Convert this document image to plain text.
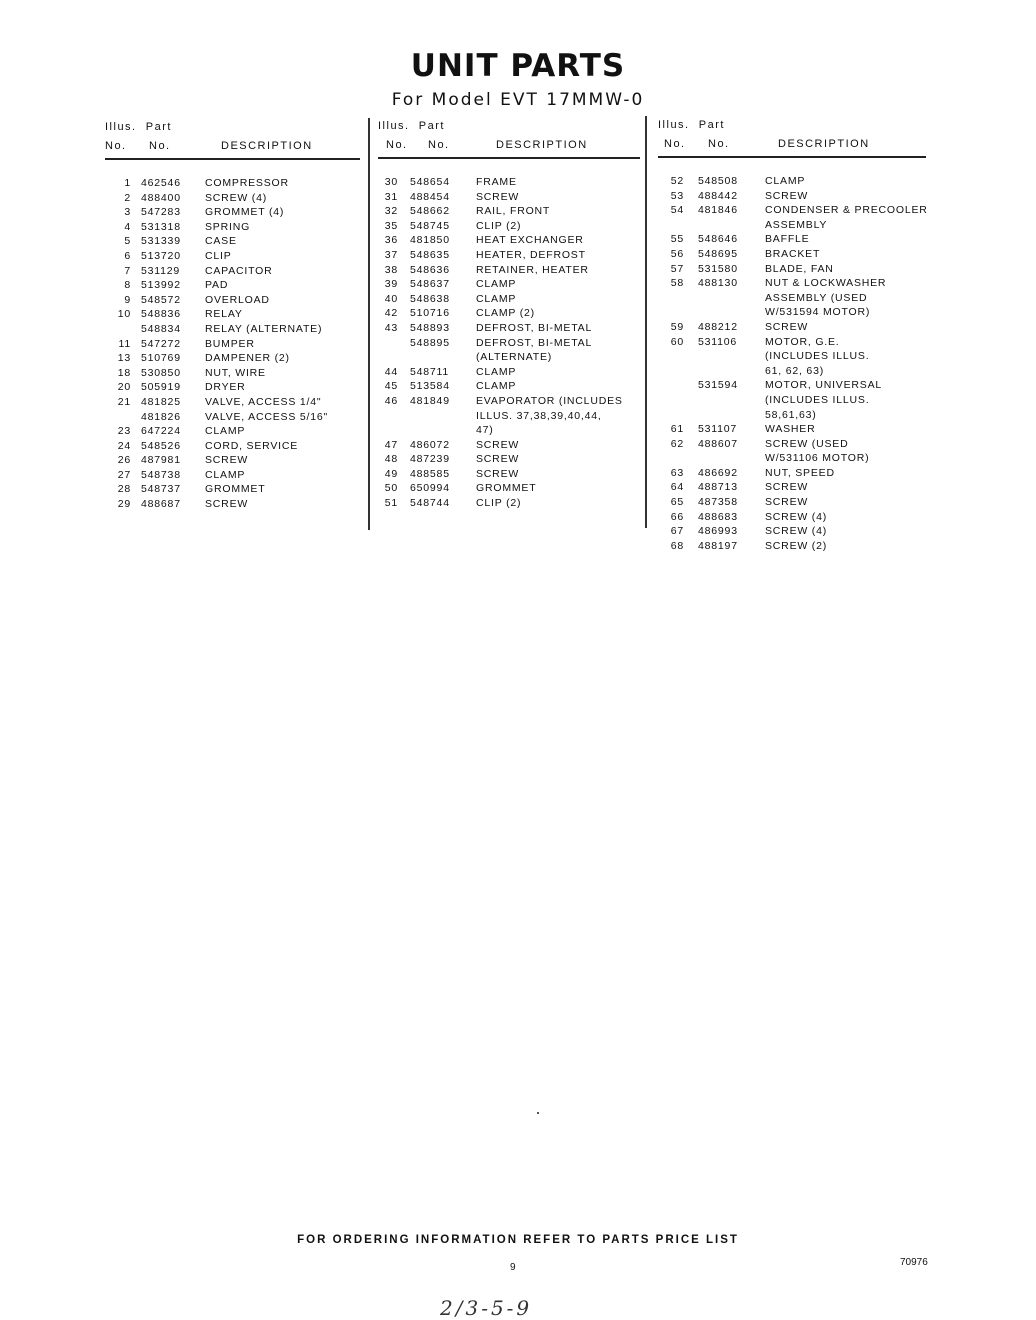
UNIT PARTS
For Model EVT 17MMW-0
Illus. Part
No. No.	DESCRIPTION
1 462546 COMPRESSOR
2 488400 SCREW (4)
3 547283 GROMMET (4)
4 531318 SPRING
5 531339 CASE
6 513720 CLIP
7 531129 CAPACITOR
8 513992 PAD
9 548572 OVERLOAD
10 548836 RELAY
548834 RELAY (ALTERNATE)
11 547272 BUMPER
13 510769 DAMPENER (2)
18 530850 NUT, WIRE
20 505919 DRYER
21 481825 VALVE, ACCESS 1/4"
481826 VALVE, ACCESS 5/16"
23 647224 CLAMP
24 548526 CORD, SERVICE
26 487981 SCREW
27 548738 CLAMP
28 548737 GROMMET
29 488687 SCREW
Illus. Part
No. No.	DESCRIPTION
30 548654 FRAME
31 488454 SCREW
32 548662 RAIL, FRONT
35 548745 CLIP (2)
36 481850 HEAT EXCHANGER
37 548635 HEATER, DEFROST
38 548636 RETAINER, HEATER
39 548637 CLAMP
40 548638 CLAMP
42 510716 CLAMP (2)
43 548893 DEFROST, BI-METAL
548895 DEFROST, BI-METAL
(ALTERNATE)
44 548711	CLAMP
45 513584 CLAMP
46 481849 EVAPORATOR (INCLUDES
ILLUS. 37,38,39,40,44,
47)
47 486072 SCREW
48 487239 SCREW
49 488585 SCREW
50 650994 GROMMET
51 548744 CLIP (2)
Illus. Part
No. No.	DESCRIPTION
52 548508	CLAMP
53 488442	SCREW
54 481846	CONDENSER & PRECOOLER
ASSEMBLY
55 548646	BAFFLE
56 548695	BRACKET
57 531580	BLADE, FAN
58 488130	NUT & LOCKWASHER
ASSEMBLY (USED
W/531594 MOTOR)
59 488212	SCREW
60 531106	MOTOR, G.E.
(INCLUDES ILLUS.
61, 62, 63)
531594	MOTOR, UNIVERSAL
(INCLUDES ILLUS.
58,61,63)
61 531107	WASHER
62 488607	SCREW (USED
W/531106 MOTOR)
63 486692	NUT, SPEED
64 488713	SCREW
65 487358	SCREW
66 488683	SCREW (4)
67 486993	SCREW (4)
68 488197	SCREW (2)
FOR ORDERING INFORMATION REFER TO PARTS PRICE LIST
9	70976
2/3-5-9
